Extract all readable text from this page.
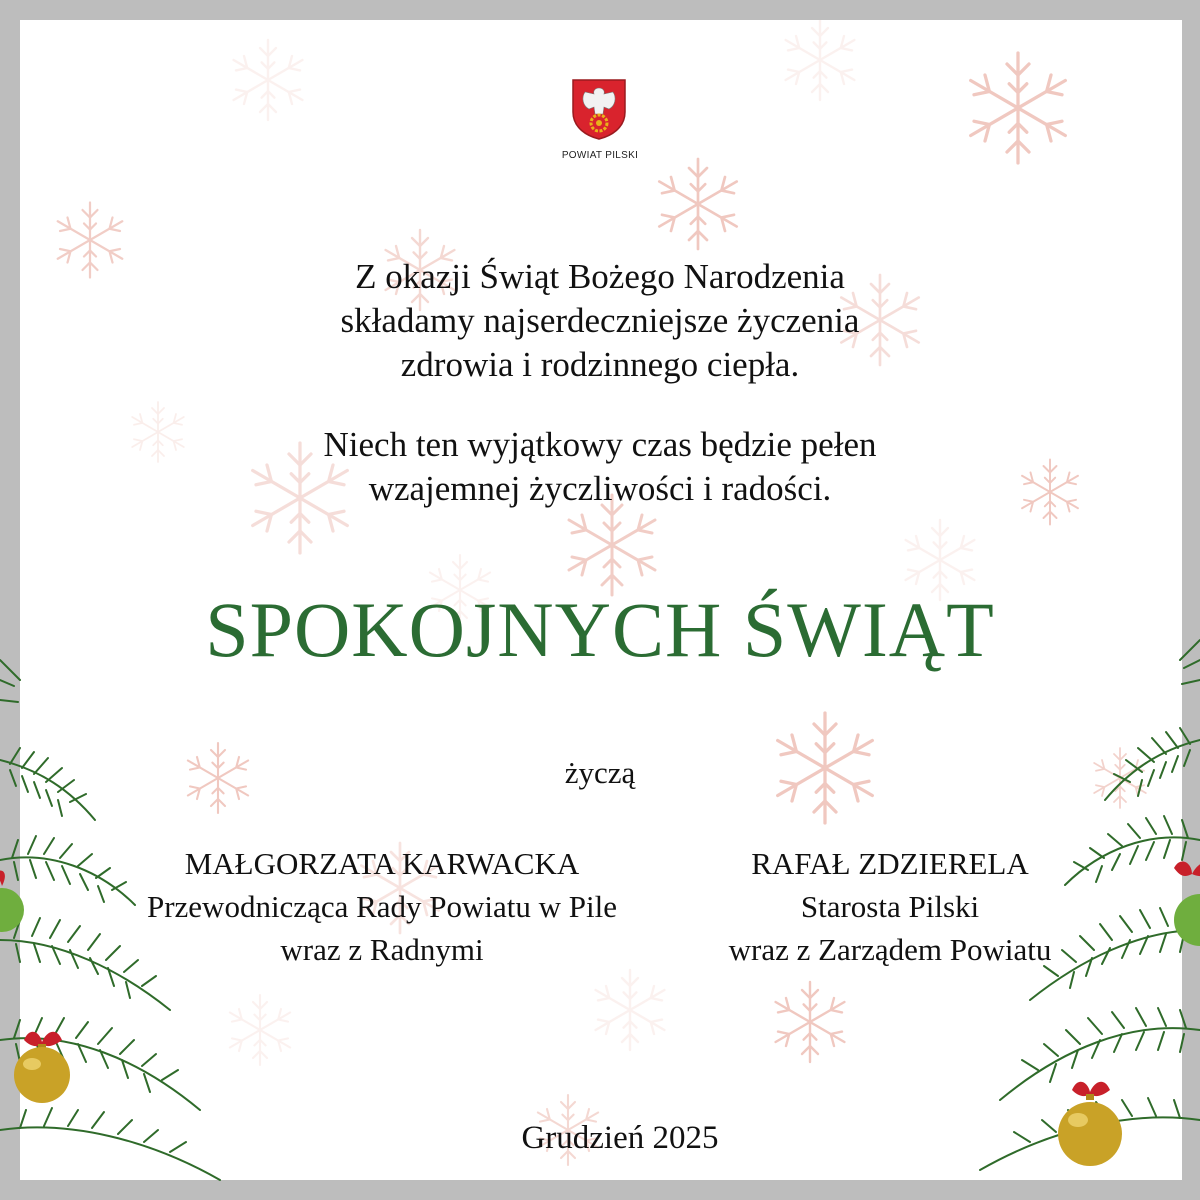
POWIAT PILSKI

Z okazji Świąt Bożego Narodzenia

składamy najserdeczniejsze życzenia

zdrowia i rodzinnego ciepła.

Niech ten wyjątkowy czas będzie pełen

wzajemnej życzliwości i radości.

SPOKOJNYCH ŚWIĄT
życzą

MAŁGORZATA KARWACKA

Przewodnicząca Rady Powiatu w Pile

wraz z Radnymi

RAFAŁ ZDZIERELA

Starosta Pilski

wraz z Zarządem Powiatu

Grudzień 2025
